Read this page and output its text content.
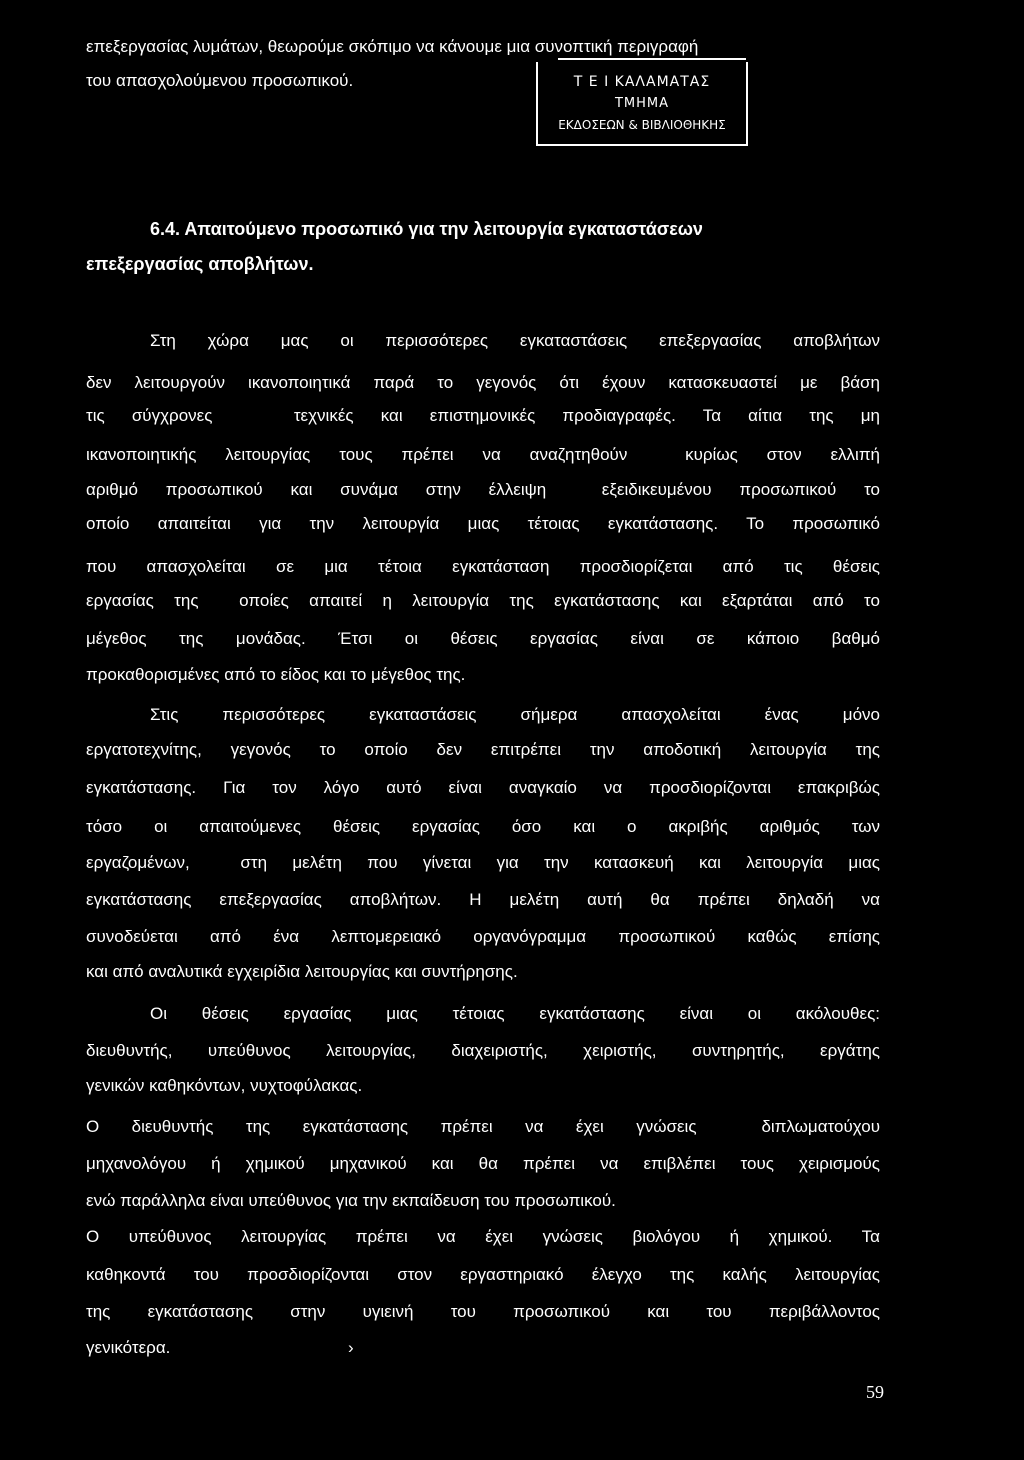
επεξεργασίας λυμάτων, θεωρούμε σκόπιμο να κάνουμε μια συνοπτική περιγραφή
του απασχολούμενου προσωπικού.	Τ Ε Ι ΚΑΛΑΜΑΤΑΣ
ΤΜΗΜΑ
ΕΚΔΟΣΕΩΝ & ΒΙΒΛΙΟΘΗΚΗΣ
6.4. Απαιτούμενο προσωπικό για την λειτουργία εγκαταστάσεων
επεξεργασίας αποβλήτων.
Στη χώρα μας οι περισσότερες εγκαταστάσεις επεξεργασίας αποβλήτων
δεν λειτουργούν ικανοποιητικά παρά το γεγονός ότι έχουν κατασκευαστεί με βάση
τις σύγχρονες   τεχνικές και επιστημονικές προδιαγραφές. Τα αίτια της μη
ικανοποιητικής λειτουργίας τους πρέπει να αναζητηθούν  κυρίως στον ελλιπή
αριθμό προσωπικού και συνάμα στην έλλειψη  εξειδικευμένου προσωπικού το
οποίο απαιτείται για την λειτουργία μιας τέτοιας εγκατάστασης. Το προσωπικό
που απασχολείται σε μια τέτοια εγκατάσταση προσδιορίζεται από τις θέσεις
εργασίας της  οποίες απαιτεί η λειτουργία της εγκατάστασης και εξαρτάται από το
μέγεθος της μονάδας. Έτσι οι θέσεις εργασίας είναι σε κάποιο βαθμό
προκαθορισμένες από το είδος και το μέγεθος της.
Στις περισσότερες εγκαταστάσεις σήμερα απασχολείται ένας μόνο
εργατοτεχνίτης, γεγονός το οποίο δεν επιτρέπει την αποδοτική λειτουργία της
εγκατάστασης. Για τον λόγο αυτό είναι αναγκαίο να προσδιορίζονται επακριβώς
τόσο οι απαιτούμενες θέσεις εργασίας όσο και ο ακριβής αριθμός των
εργαζομένων,  στη μελέτη που γίνεται για την κατασκευή και λειτουργία μιας
εγκατάστασης επεξεργασίας αποβλήτων. Η μελέτη αυτή θα πρέπει δηλαδή να
συνοδεύεται από ένα λεπτομερειακό οργανόγραμμα προσωπικού καθώς επίσης
και από αναλυτικά εγχειρίδια λειτουργίας και συντήρησης.
Οι θέσεις εργασίας μιας τέτοιας εγκατάστασης είναι οι ακόλουθες:
διευθυντής, υπεύθυνος λειτουργίας, διαχειριστής, χειριστής, συντηρητής, εργάτης
γενικών καθηκόντων, νυχτοφύλακας.
Ο διευθυντής της εγκατάστασης πρέπει να έχει γνώσεις  διπλωματούχου
μηχανολόγου ή χημικού μηχανικού και θα πρέπει να επιβλέπει τους χειρισμούς
ενώ παράλληλα είναι υπεύθυνος για την εκπαίδευση του προσωπικού.
Ο υπεύθυνος λειτουργίας πρέπει να έχει γνώσεις βιολόγου ή χημικού. Τα
καθηκοντά του προσδιορίζονται στον εργαστηριακό έλεγχο της καλής λειτουργίας
της εγκατάστασης στην υγιεινή του προσωπικού και του περιβάλλοντος
γενικότερα.	›
59
